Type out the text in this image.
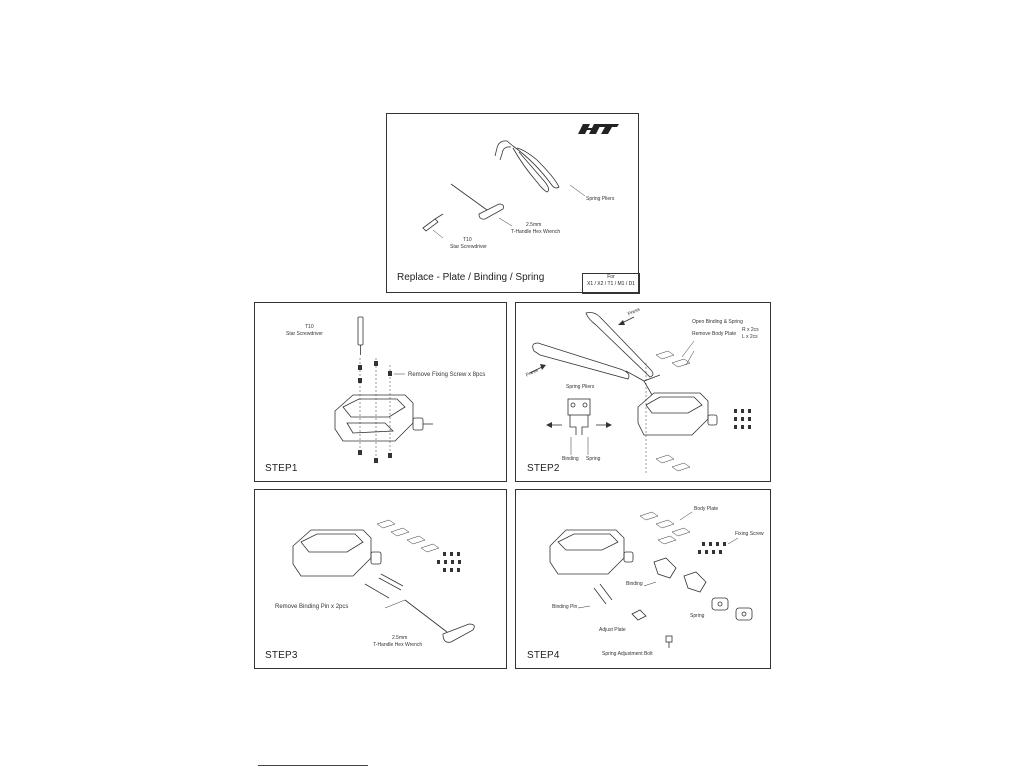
Spring Pliers
2.5mm
T-Handle Hex Wrench
T10
Star Screwdriver
Replace - Plate / Binding / Spring	For
X1 / X2 / T1 / M1 / D1
T10
Star Screwdriver
Remove Fixing Screw x 8pcs
STEP1
Press
Press
Open Binding & Spring
Remove Body Plate
R x 2cs
L x 2cs
Spring Pliers
Binding Spring
STEP2
Remove Binding Pin x 2pcs
2.5mm
T-Handle Hex Wrench
STEP3
Body Plate
Fixing Screw
Binding
Binding Pin
Adjust Plate
Spring
Spring Adjustment Bolt
STEP4
